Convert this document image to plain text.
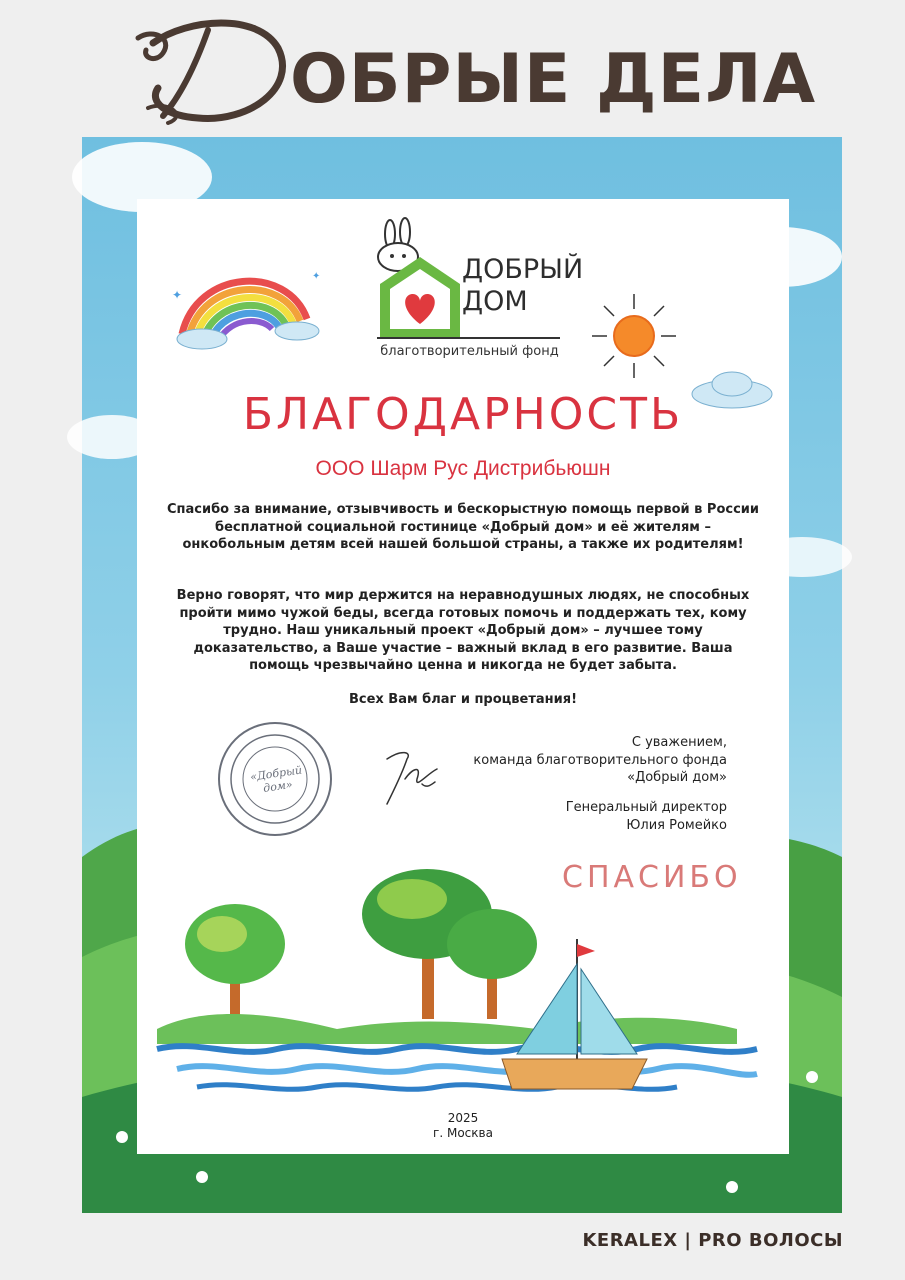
ОБРЫЕ ДЕЛА
✦
✦	ДОБРЫЙ
ДОМ
благотворительный фонд
БЛАГОДАРНОСТЬ
ООО Шарм Рус Дистрибьюшн

Спасибо за внимание, отзывчивость и бескорыстную помощь первой в России бесплатной социальной гостинице «Добрый дом» и её жителям – онкобольным детям всей нашей большой страны, а также их родителям!

Верно говорят, что мир держится на неравнодушных людях, не способных пройти мимо чужой беды, всегда готовых помочь и поддержать тех, кому трудно. Наш уникальный проект «Добрый дом» – лучшее тому доказательство, а Ваше участие – важный вклад в его развитие. Ваша помощь чрезвычайно ценна и никогда не будет забыта.

Всех Вам благ и процветания!

«Добрый дом»
С уважением,
команда благотворительного фонда
«Добрый дом»
Генеральный директор
Юлия Ромейко
СПАСИБО
2025
г. Москва
KERALEX | PRO ВОЛОСЫ
